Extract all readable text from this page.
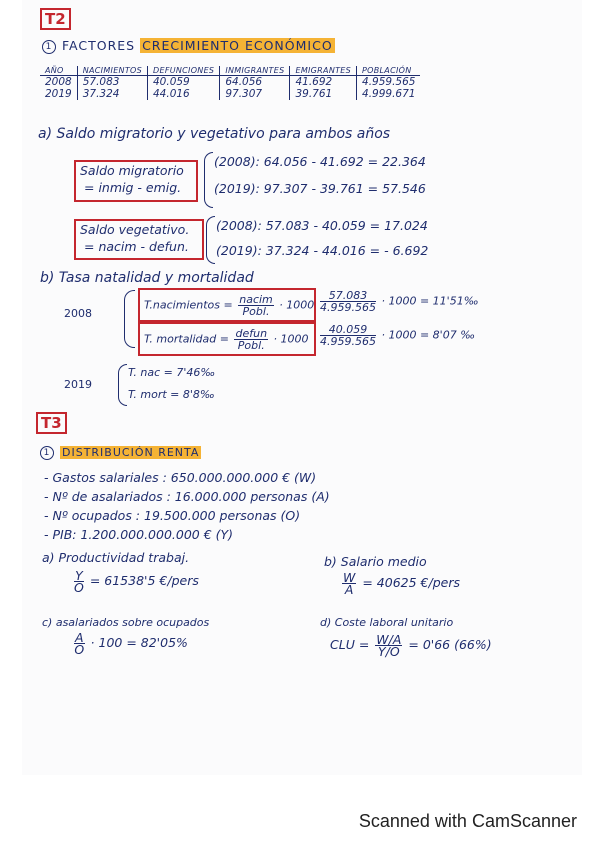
T2
1 FACTORES CRECIMIENTO ECONÓMICO
AÑO	NACIMIENTOS	DEFUNCIONES	INMIGRANTES	EMIGRANTES	POBLACIÓN
2008	57.083	40.059	64.056	41.692	4.959.565
2019	37.324	44.016	97.307	39.761	4.999.671
a) Saldo migratorio y vegetativo para ambos años
Saldo migratorio
= inmig - emig.
(2008): 64.056 - 41.692 = 22.364
(2019): 97.307 - 39.761 = 57.546
Saldo vegetativo.
= nacim - defun.
(2008): 57.083 - 40.059 = 17.024
(2019): 37.324 - 44.016 = - 6.692
b) Tasa natalidad y mortalidad
2008
T.nacimientos = $\frac{\text{nacim}}{\text{Pobl.}} \cdot 1000 \frac{57.083}{4.959.565} \cdot 1000$ = 11'51‰
T. mortalidad = $\frac{\text{defun}}{\text{Pobl.}} \cdot 1000 \frac{40.059}{4.959.565} \cdot 1000 = 8'07$ ‰
2019
T. nac = 7'46‰
T. mort = 8'8‰
T3
1 DISTRIBUCIÓN RENTA
- Gastos salariales : 650.000.000.000 € (W)
- Nº de asalariados : 16.000.000 personas (A)
- Nº ocupados : 19.500.000 personas (O)
- PIB: 1.200.000.000.000 € (Y)
a) Productividad trabaj.
$\frac{Y}{O} = 61538'5$ €/pers
b) Salario medio
$\frac{W}{A} = 40625$ €/pers
c) asalariados sobre ocupados
$\frac{A}{O} \cdot 100 = 82'05\%$
d) Coste laboral unitario
CLU = $\frac{W/A}{Y/O} = 0'66$ (66%)
Scanned with CamScanner
